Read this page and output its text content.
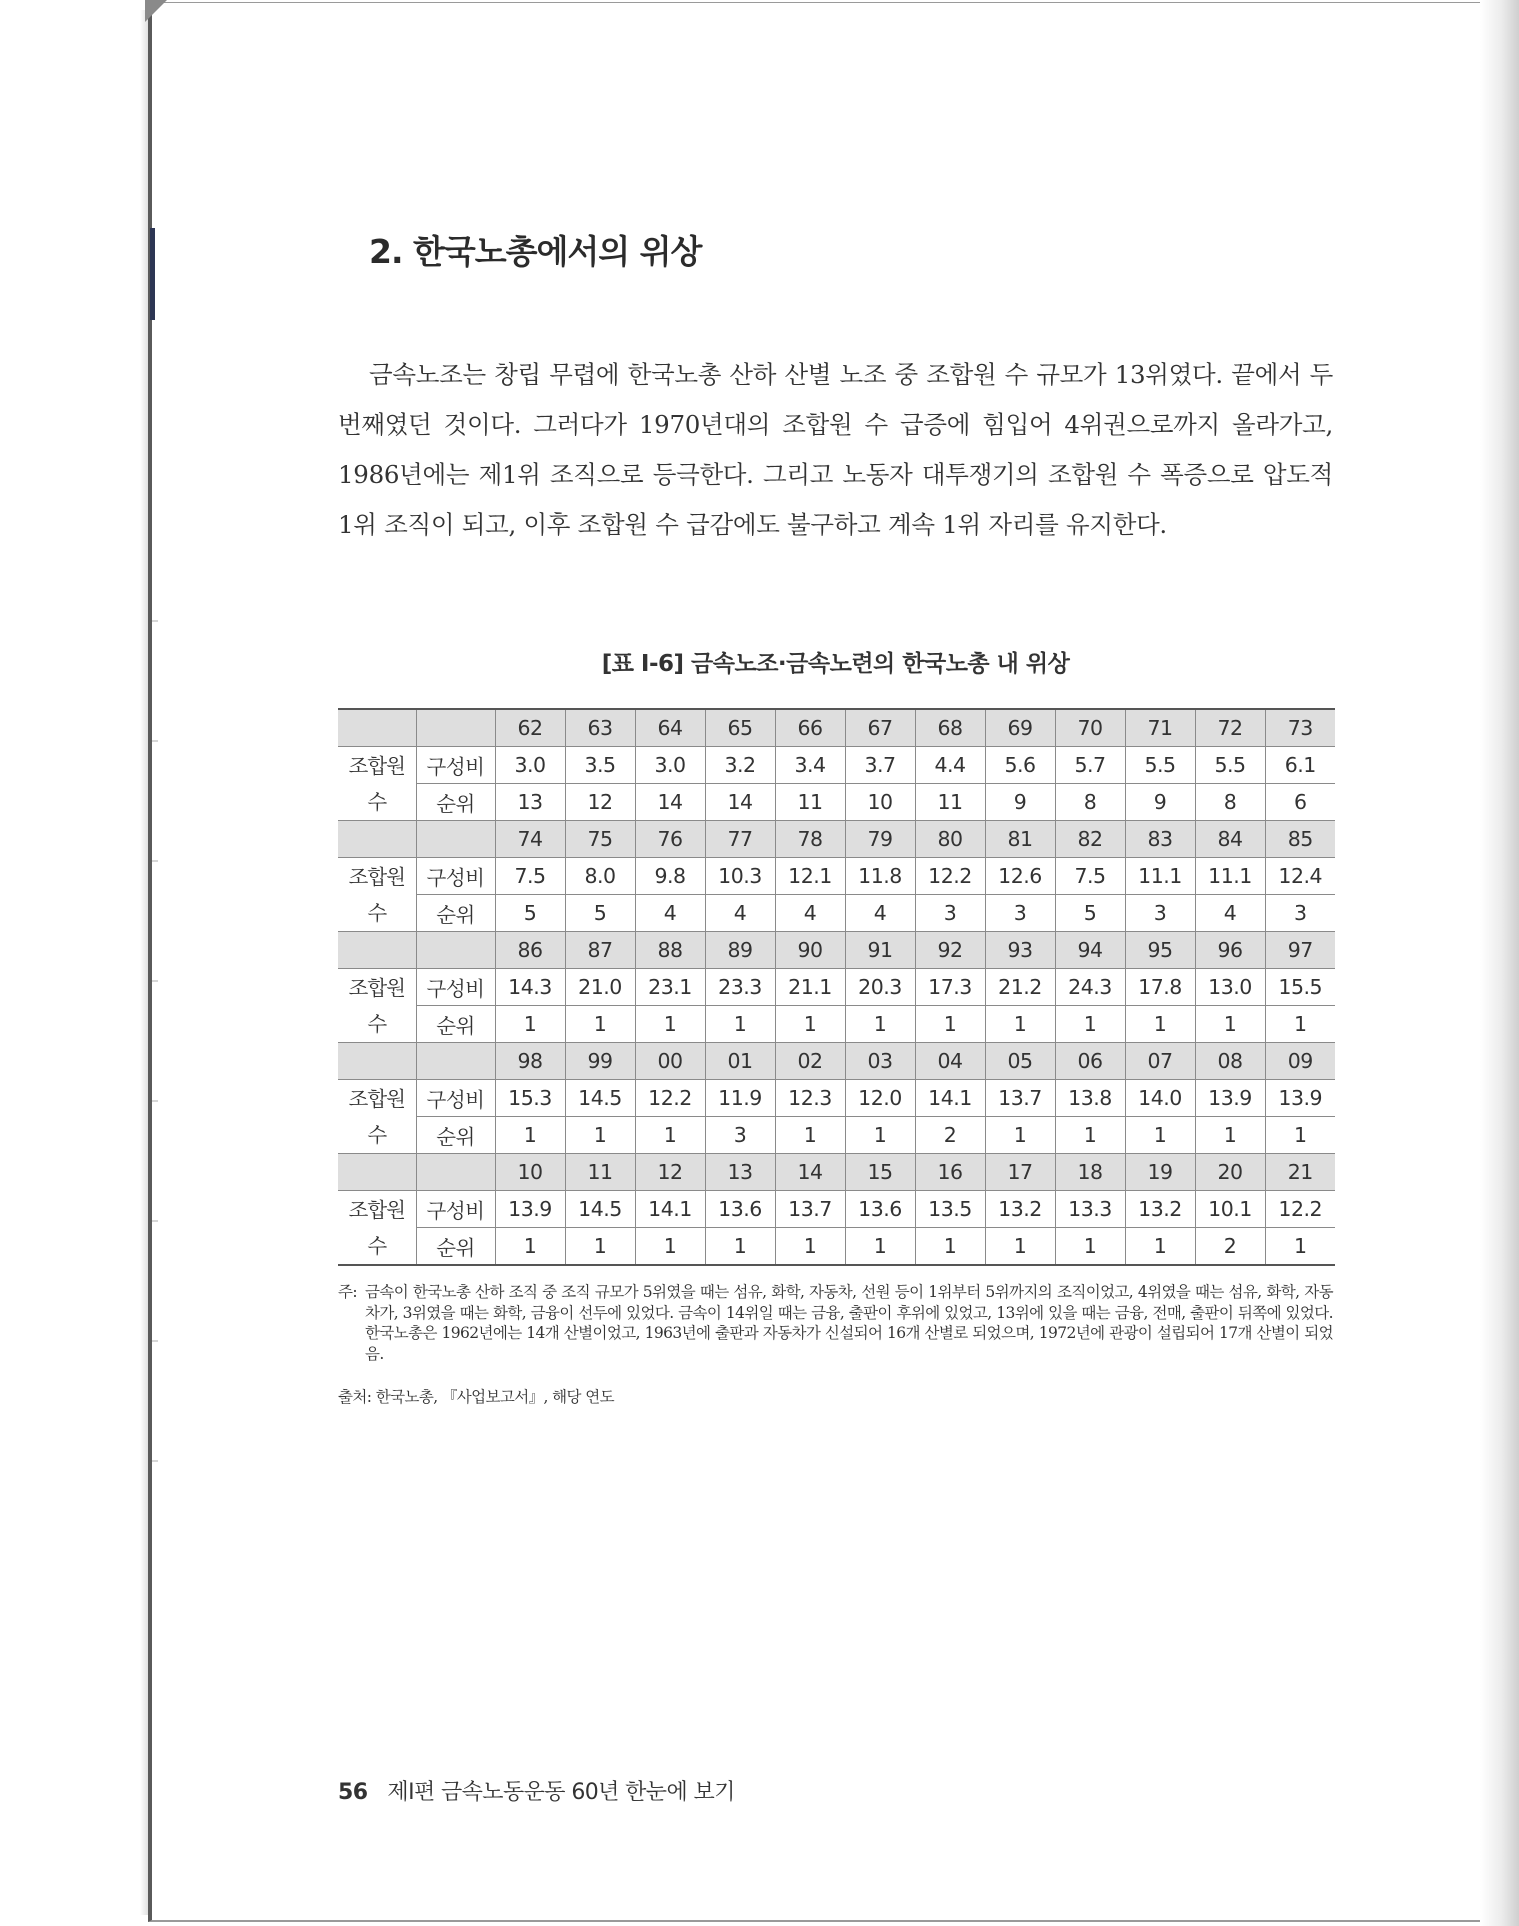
2. 한국노총에서의 위상

금속노조는 창립 무렵에 한국노총 산하 산별 노조 중 조합원 수 규모가 13위였다. 끝에서 두 번째였던 것이다. 그러다가 1970년대의 조합원 수 급증에 힘입어 4위권으로까지 올라가고, 1986년에는 제1위 조직으로 등극한다. 그리고 노동자 대투쟁기의 조합원 수 폭증으로 압도적 1위 조직이 되고, 이후 조합원 수 급감에도 불구하고 계속 1위 자리를 유지한다.

[표 Ⅰ-6] 금속노조·금속노련의 한국노총 내 위상
		62	63	64	65	66	67	68	69	70	71	72	73

조합원
수	구성비	3.0	3.5	3.0	3.2	3.4	3.7	4.4	5.6	5.7	5.5	5.5	6.1
	순위	13	12	14	14	11	10	11	9	8	9	8	6
		74	75	76	77	78	79	80	81	82	83	84	85

조합원
수	구성비	7.5	8.0	9.8	10.3	12.1	11.8	12.2	12.6	7.5	11.1	11.1	12.4
	순위	5	5	4	4	4	4	3	3	5	3	4	3
		86	87	88	89	90	91	92	93	94	95	96	97

조합원
수	구성비	14.3	21.0	23.1	23.3	21.1	20.3	17.3	21.2	24.3	17.8	13.0	15.5
	순위	1	1	1	1	1	1	1	1	1	1	1	1
		98	99	00	01	02	03	04	05	06	07	08	09

조합원
수	구성비	15.3	14.5	12.2	11.9	12.3	12.0	14.1	13.7	13.8	14.0	13.9	13.9
	순위	1	1	1	3	1	1	2	1	1	1	1	1
		10	11	12	13	14	15	16	17	18	19	20	21

조합원
수	구성비	13.9	14.5	14.1	13.6	13.7	13.6	13.5	13.2	13.3	13.2	10.1	12.2
	순위	1	1	1	1	1	1	1	1	1	1	2	1
주: 금속이 한국노총 산하 조직 중 조직 규모가 5위였을 때는 섬유, 화학, 자동차, 선원 등이 1위부터 5위까지의 조직이었고, 4위였을 때는 섬유, 화학, 자동차가, 3위였을 때는 화학, 금융이 선두에 있었다. 금속이 14위일 때는 금융, 출판이 후위에 있었고, 13위에 있을 때는 금융, 전매, 출판이 뒤쪽에 있었다. 한국노총은 1962년에는 14개 산별이었고, 1963년에 출판과 자동차가 신설되어 16개 산별로 되었으며, 1972년에 관광이 설립되어 17개 산별이 되었음.
출처: 한국노총, 『사업보고서』, 해당 연도
56 제Ⅰ편 금속노동운동 60년 한눈에 보기
